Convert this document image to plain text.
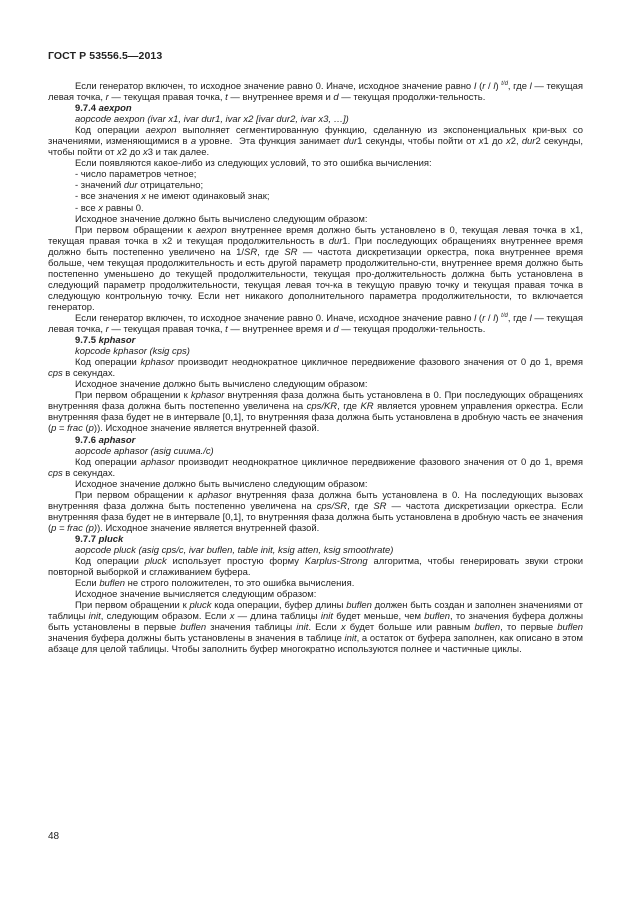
ГОСТ Р 53556.5—2013

Если генератор включен, то исходное значение равно 0. Иначе, исходное значение равно I (r / l) $^{t/d}$, где l — текущая левая точка, r — текущая правая точка, t — внутреннее время и d — текущая продолжи-тельность.

9.7.4 aexpon

aopcode aexpon (ivar x1, ivar dur1, ivar x2 [ivar dur2, ivar x3, …])

Код операции aexpon выполняет сегментированную функцию, сделанную из экспоненциальных кри-вых со значениями, изменяющимися в a уровне.  Эта функция занимает dur1 секунды, чтобы пойти от x1 до x2, dur2 секунды, чтобы пойти от x2 до x3 и так далее.

Если появляются какое-либо из следующих условий, то это ошибка вычисления:

- число параметров четное;

- значений dur отрицательно;

- все значения x не имеют одинаковый знак;

- все x равны 0.

Исходное значение должно быть вычислено следующим образом:

При первом обращении к aexpon внутреннее время должно быть установлено в 0, текущая левая точка в x1, текущая правая точка в x2 и текущая продолжительность в dur1. При последующих обращениях внутреннее время должно быть постепенно увеличено на 1/SR, где SR — частота дискретизации оркестра, пока внутреннее время больше, чем текущая продолжительность и есть другой параметр продолжительно-сти, внутреннее время должно быть постепенно уменьшено до текущей продолжительности, текущая про-должительность должна быть установлена в следующий параметр продолжительности, текущая левая точ-ка в текущую правую точку и текущая правая точка в следующую контрольную точку. Если нет никакого дополнительного параметра продолжительности, то включается генератор.

Если генератор включен, то исходное значение равно 0. Иначе, исходное значение равно l (r / l) $^{t/d}$, где l — текущая левая точка, r — текущая правая точка, t — внутреннее время и d — текущая продолжи-тельность.

9.7.5 kphasor

kopcode kphasor (ksig cps)

Код операции kphasor производит неоднократное цикличное передвижение фазового значения от 0 до 1, время cps в секундах.

Исходное значение должно быть вычислено следующим образом:

При первом обращении к kphasor внутренняя фаза должна быть установлена в 0. При последующих обращениях внутренняя фаза должна быть постепенно увеличена на cps/KR, где KR является уровнем управления оркестра. Если внутренняя фаза будет не в интервале [0,1], то внутренняя фаза должна быть установлена в дробную часть ее значения (p = frac (p)). Исходное значение является внутренней фазой.

9.7.6 aphasor

aopcode aphasor (asig сиима./с)

Код операции aphasor производит неоднократное цикличное передвижение фазового значения от 0 до 1, время cps в секундах.

Исходное значение должно быть вычислено следующим образом:

При первом обращении к aphasor внутренняя фаза должна быть установлена в 0. На последующих вызовах внутренняя фаза должна быть постепенно увеличена на cps/SR, где SR — частота дискретизации оркестра. Если внутренняя фаза будет не в интервале [0,1], то внутренняя фаза должна быть установлена в дробную часть ее значения (p = frac (p)). Исходное значение является внутренней фазой.

9.7.7 pluck

aopcode pluck (asig cps/c, ivar buflen, table init, ksig atten, ksig smoothrate)

Код операции pluck использует простую форму Karplus-Strong алгоритма, чтобы генерировать звуки строки повторной выборкой и сглаживанием буфера.

Если buflen не строго положителен, то это ошибка вычисления.

Исходное значение вычисляется следующим образом:

При первом обращении к pluck кода операции, буфер длины buflen должен быть создан и заполнен значениями от таблицы init, следующим образом. Если x — длина таблицы init будет меньше, чем buflen, то значения буфера должны быть установлены в первые buflen значения таблицы init. Если x будет больше или равным buflen, то первые buflen значения буфера должны быть установлены в значения в таблице init, а остаток от буфера заполнен, как описано в этом абзаце для целой таблицы. Чтобы заполнить буфер многократно используются полнее и частичные циклы.

48
